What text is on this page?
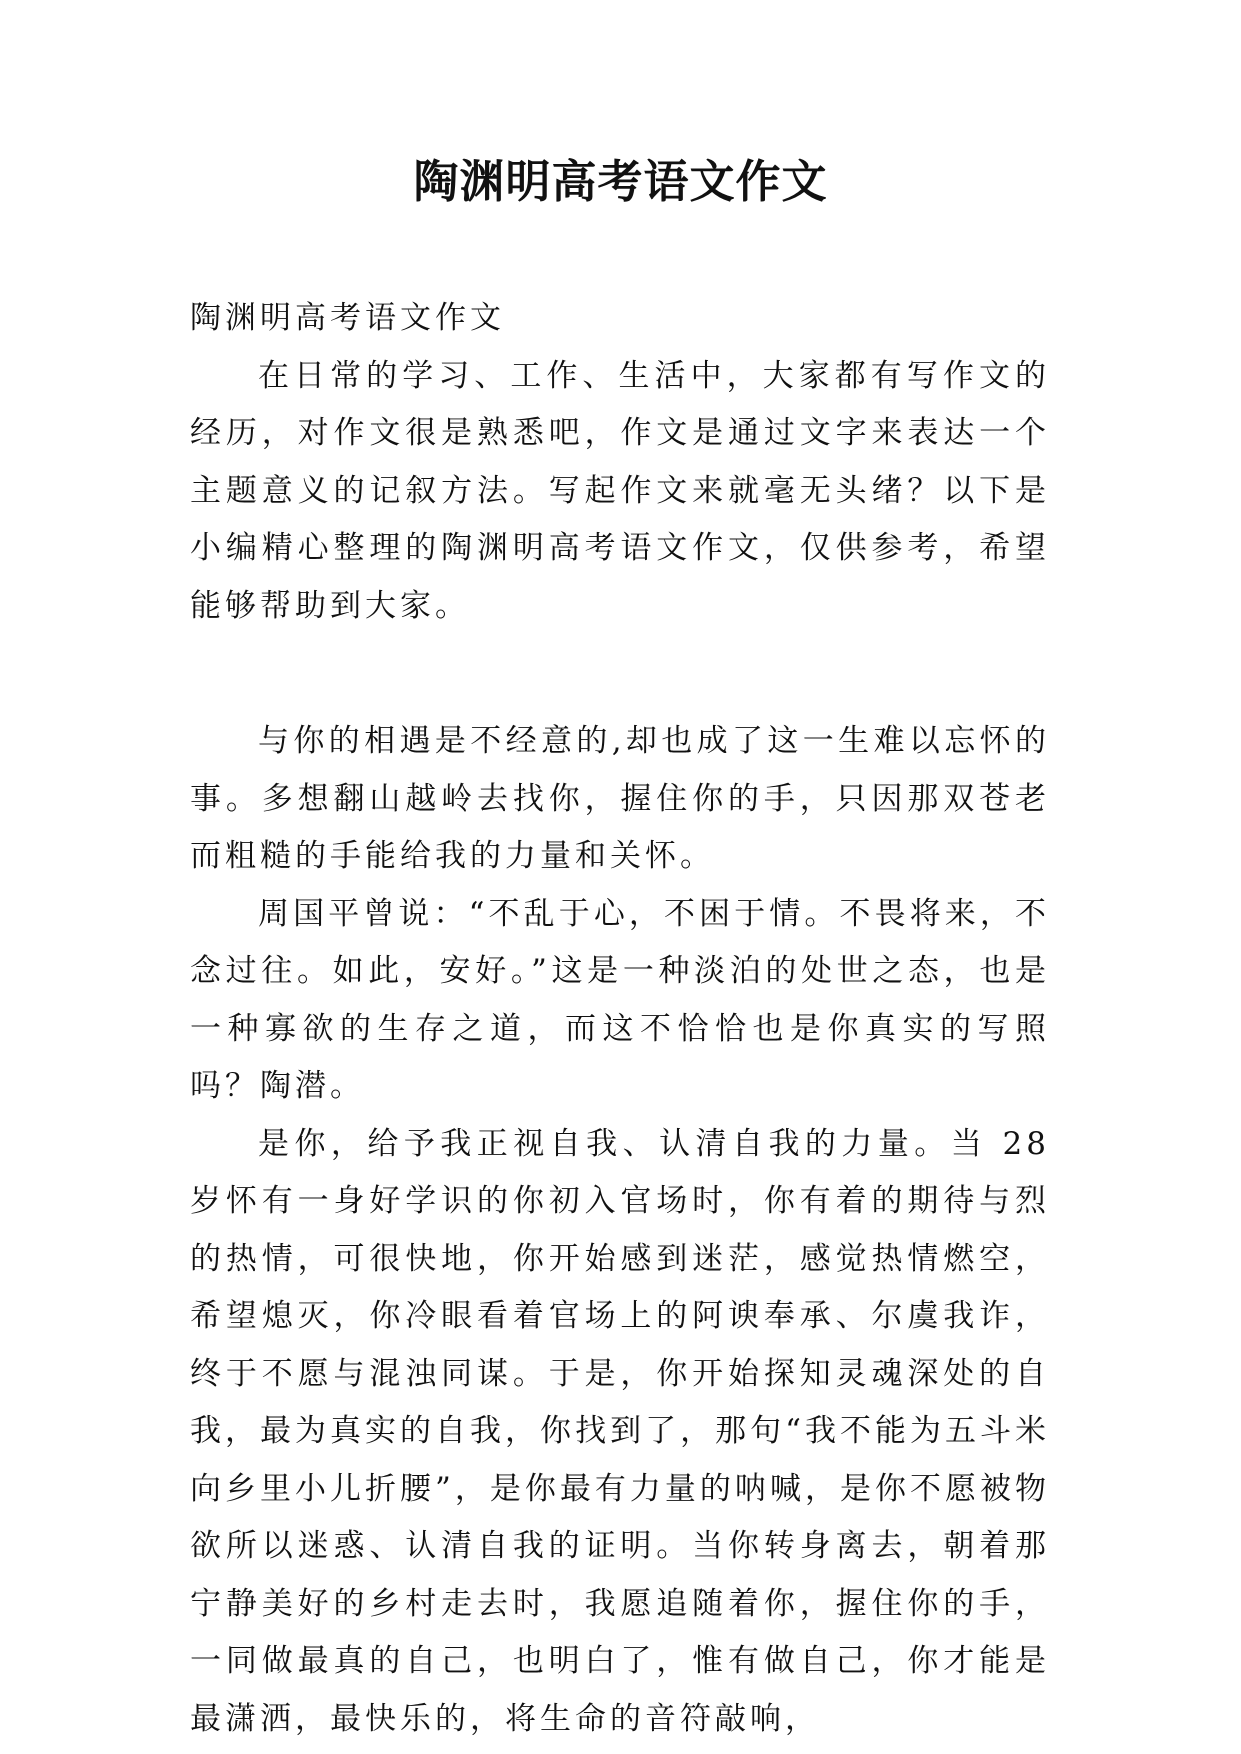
陶渊明高考语文作文

陶渊明高考语文作文

在日常的学习、工作、生活中，大家都有写作文的经历，对作文很是熟悉吧，作文是通过文字来表达一个主题意义的记叙方法。写起作文来就毫无头绪？以下是小编精心整理的陶渊明高考语文作文，仅供参考，希望能够帮助到大家。

与你的相遇是不经意的,却也成了这一生难以忘怀的事。多想翻山越岭去找你，握住你的手，只因那双苍老而粗糙的手能给我的力量和关怀。

周国平曾说：“不乱于心，不困于情。不畏将来，不念过往。如此，安好。”这是一种淡泊的处世之态，也是一种寡欲的生存之道，而这不恰恰也是你真实的写照吗？陶潜。

是你，给予我正视自我、认清自我的力量。当 28 岁怀有一身好学识的你初入官场时，你有着的期待与烈的热情，可很快地，你开始感到迷茫，感觉热情燃空，希望熄灭，你冷眼看着官场上的阿谀奉承、尔虞我诈，终于不愿与混浊同谋。于是，你开始探知灵魂深处的自我，最为真实的自我，你找到了，那句“我不能为五斗米向乡里小儿折腰”，是你最有力量的呐喊，是你不愿被物欲所以迷惑、认清自我的证明。当你转身离去，朝着那宁静美好的乡村走去时，我愿追随着你，握住你的手，一同做最真的自己，也明白了，惟有做自己，你才能是最潇洒，最快乐的，将生命的音符敲响，
